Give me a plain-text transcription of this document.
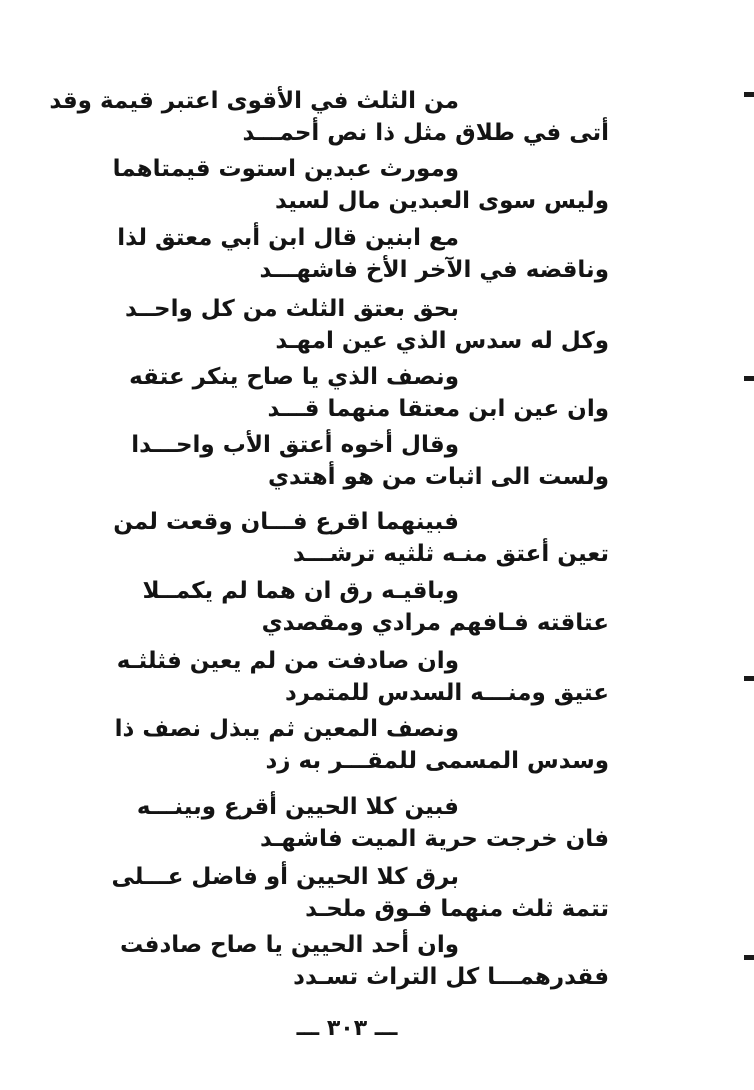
من الثلث في الأقوى اعتبر قيمة وقد
أتى في طلاق مثل ذا نص أحمـــد
ومورث عبدين استوت قيمتاهما
وليس سوى العبدين مال لسيد
مع ابنين قال ابن أبي معتق لذا
وناقضه في الآخر الأخ فاشهـــد
بحق بعتق الثلث من كل واحــد
وكل له سدس الذي عين امهـد
ونصف الذي يا صاح ينكر عتقه
وان عين ابن معتقا منهما قـــد
وقال أخوه أعتق الأب واحـــدا
ولست الى اثبات من هو أهتدي
فبينهما اقرع فـــان وقعت لمن
تعين أعتق منـه ثلثيه ترشـــد
وباقيـه رق ان هما لم يكمــلا
عتاقته فـافهم مرادي ومقصدي
وان صادفت من لم يعين فثلثـه
عتيق ومنـــه السدس للمتمرد
ونصف المعين ثم يبذل نصف ذا
وسدس المسمى للمقـــر به زد
فبين كلا الحيين أقرع وبينـــه
فان خرجت حرية الميت فاشهـد
برق كلا الحيين أو فاضل عـــلى
تتمة ثلث منهما فـوق ملحـد
وان أحد الحيين يا صاح صادفت
فقدرهمـــا كل التراث تسـدد
ـــ ٣٠٣ ـــ
